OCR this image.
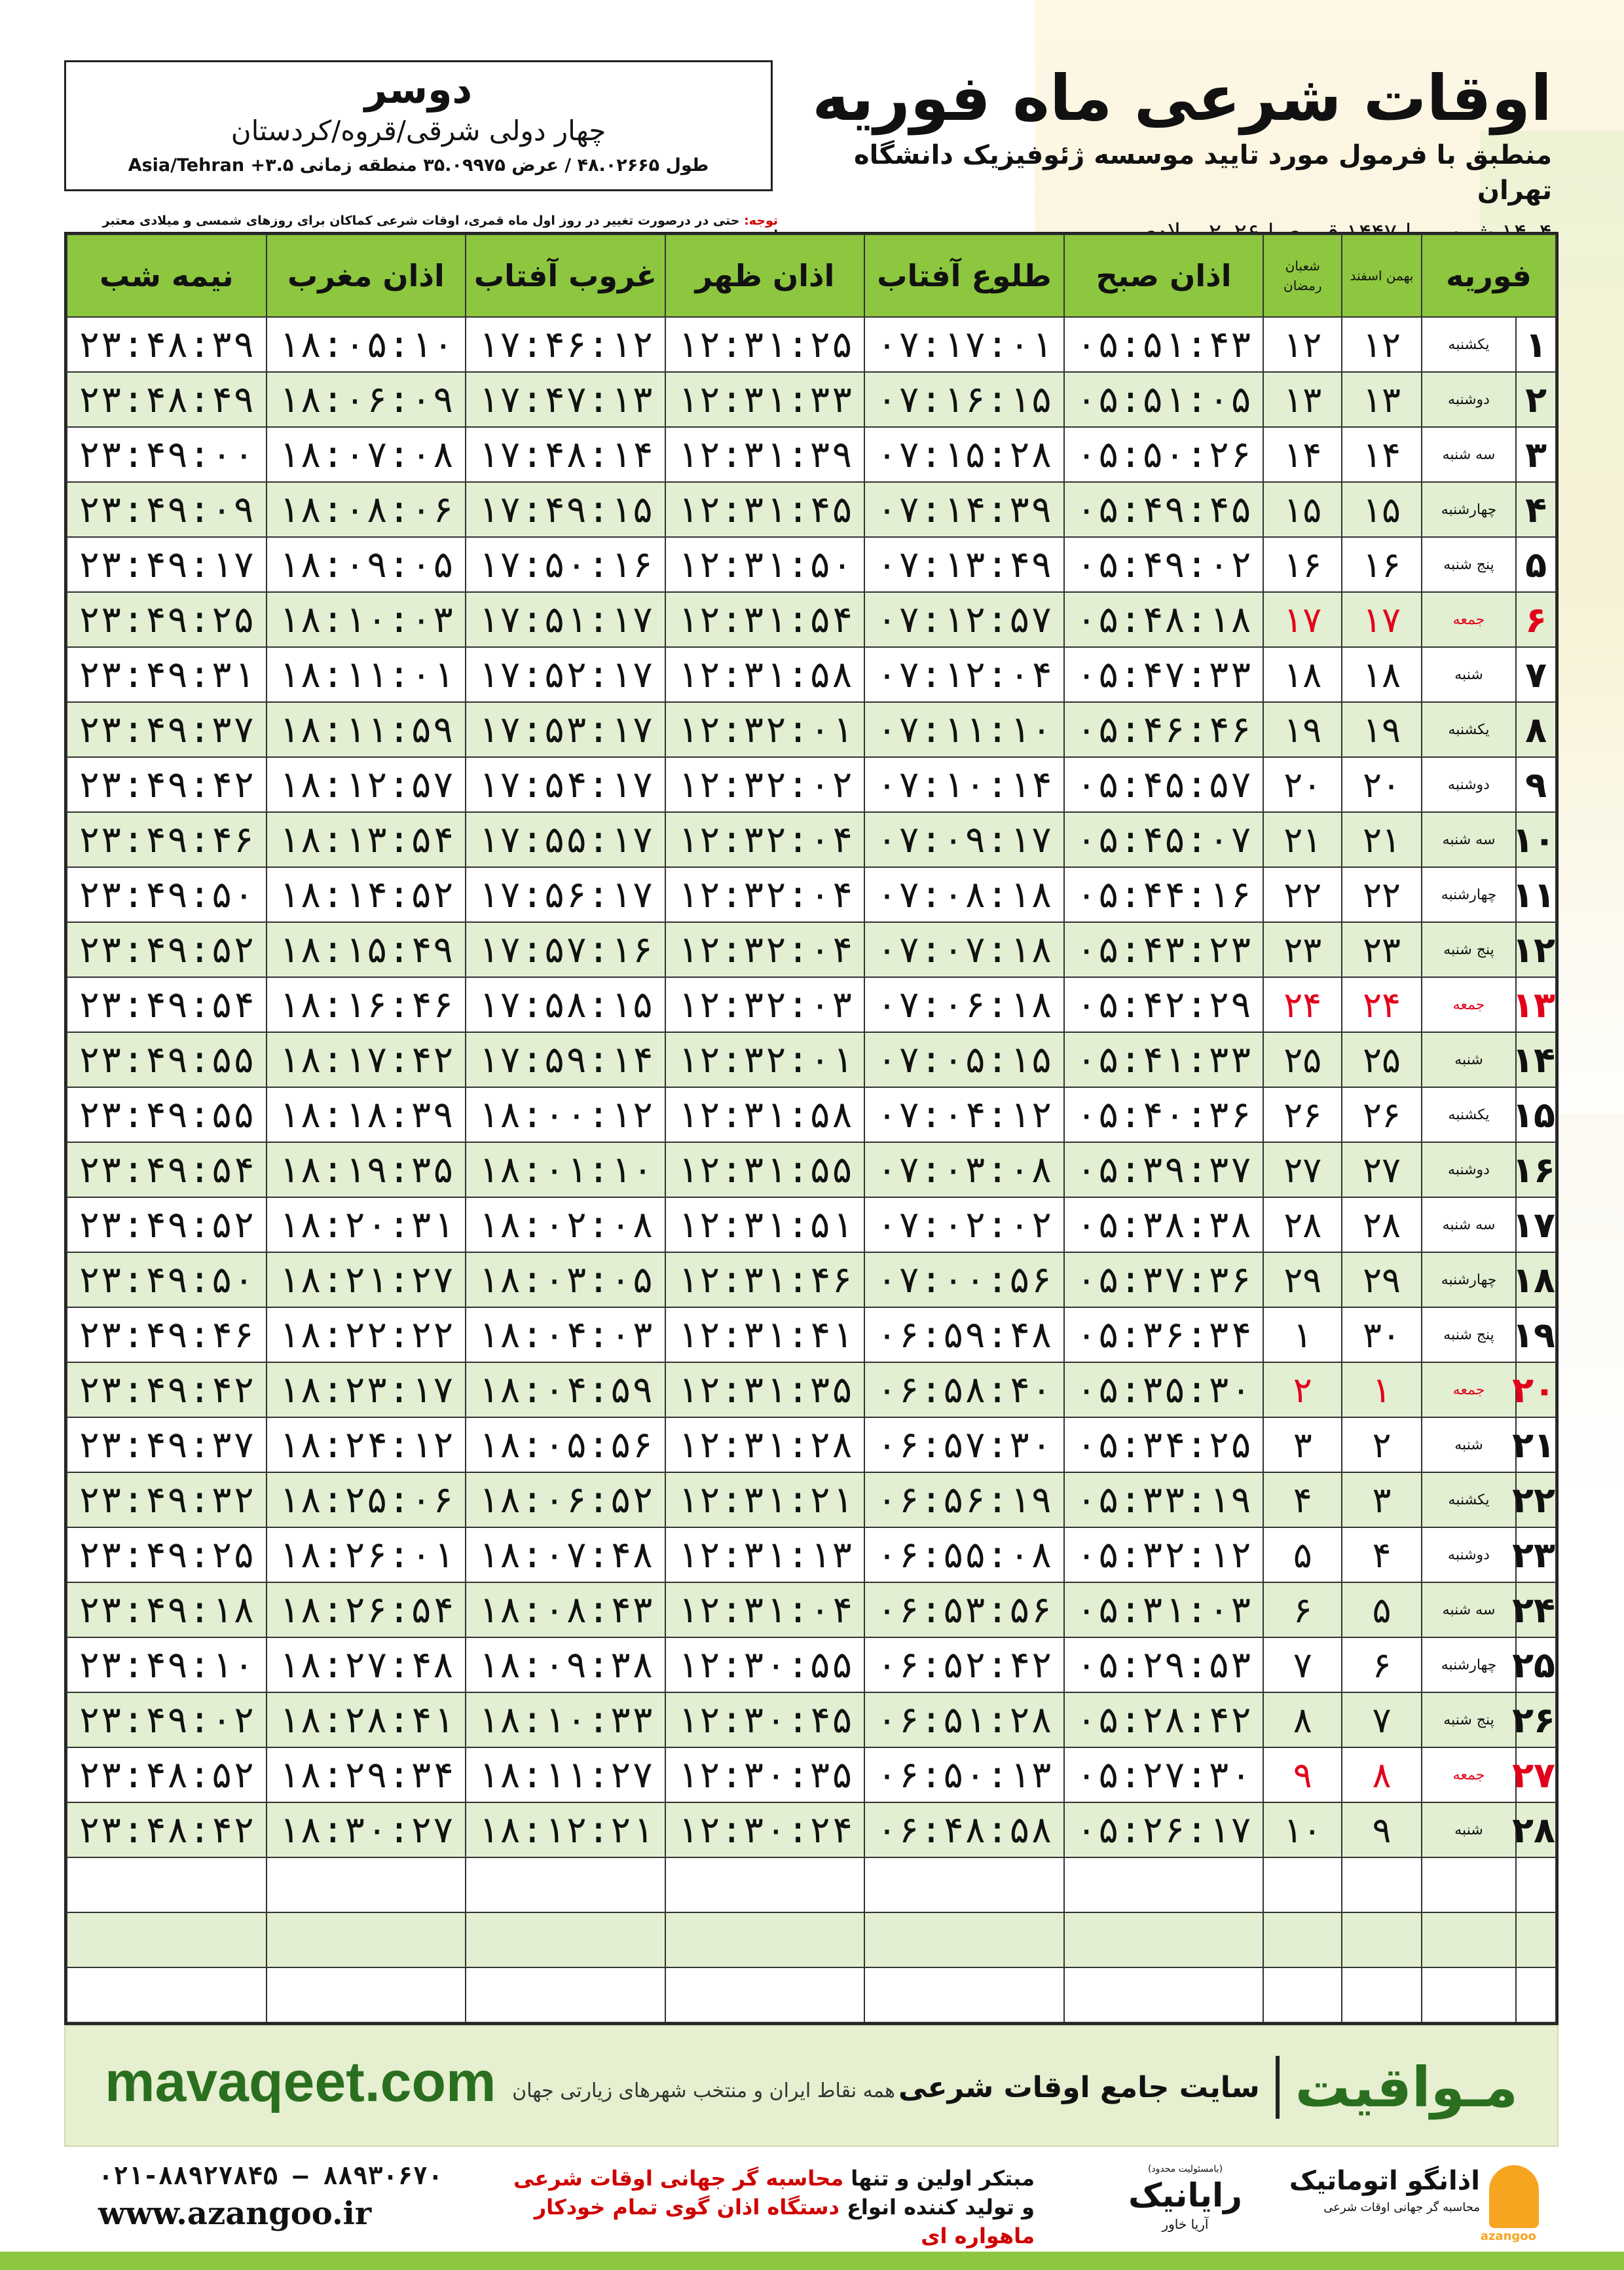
دوسر
چهار دولی شرقی/قروه/کردستان
طول ۴۸.۰۲۶۶۵ / عرض ۳۵.۰۹۹۷۵ منطقه زمانی ۳.۵+ Asia/Tehran
اوقات شرعی ماه فوریه
منطبق با فرمول مورد تایید موسسه ژئوفیزیک دانشگاه تهران
توجه: حتی در درصورت تغییر در روز اول ماه قمری، اوقات شرعی کماکان برای روزهای شمسی و میلادی معتبر
فوریه		بهمن اسفند	شعبان رمضان	اذان صبح	طلوع آفتاب	اذان ظهر	غروب آفتاب	اذان مغرب	نیمه شب
۱	یکشنبه	۱۲	۱۲	۰۵:۵۱:۴۳	۰۷:۱۷:۰۱	۱۲:۳۱:۲۵	۱۷:۴۶:۱۲	۱۸:۰۵:۱۰	۲۳:۴۸:۳۹
۲	دوشنبه	۱۳	۱۳	۰۵:۵۱:۰۵	۰۷:۱۶:۱۵	۱۲:۳۱:۳۳	۱۷:۴۷:۱۳	۱۸:۰۶:۰۹	۲۳:۴۸:۴۹
۳	سه شنبه	۱۴	۱۴	۰۵:۵۰:۲۶	۰۷:۱۵:۲۸	۱۲:۳۱:۳۹	۱۷:۴۸:۱۴	۱۸:۰۷:۰۸	۲۳:۴۹:۰۰
۴	چهارشنبه	۱۵	۱۵	۰۵:۴۹:۴۵	۰۷:۱۴:۳۹	۱۲:۳۱:۴۵	۱۷:۴۹:۱۵	۱۸:۰۸:۰۶	۲۳:۴۹:۰۹
۵	پنج شنبه	۱۶	۱۶	۰۵:۴۹:۰۲	۰۷:۱۳:۴۹	۱۲:۳۱:۵۰	۱۷:۵۰:۱۶	۱۸:۰۹:۰۵	۲۳:۴۹:۱۷
۶	جمعه	۱۷	۱۷	۰۵:۴۸:۱۸	۰۷:۱۲:۵۷	۱۲:۳۱:۵۴	۱۷:۵۱:۱۷	۱۸:۱۰:۰۳	۲۳:۴۹:۲۵
۷	شنبه	۱۸	۱۸	۰۵:۴۷:۳۳	۰۷:۱۲:۰۴	۱۲:۳۱:۵۸	۱۷:۵۲:۱۷	۱۸:۱۱:۰۱	۲۳:۴۹:۳۱
۸	یکشنبه	۱۹	۱۹	۰۵:۴۶:۴۶	۰۷:۱۱:۱۰	۱۲:۳۲:۰۱	۱۷:۵۳:۱۷	۱۸:۱۱:۵۹	۲۳:۴۹:۳۷
۹	دوشنبه	۲۰	۲۰	۰۵:۴۵:۵۷	۰۷:۱۰:۱۴	۱۲:۳۲:۰۲	۱۷:۵۴:۱۷	۱۸:۱۲:۵۷	۲۳:۴۹:۴۲
۱۰	سه شنبه	۲۱	۲۱	۰۵:۴۵:۰۷	۰۷:۰۹:۱۷	۱۲:۳۲:۰۴	۱۷:۵۵:۱۷	۱۸:۱۳:۵۴	۲۳:۴۹:۴۶
۱۱	چهارشنبه	۲۲	۲۲	۰۵:۴۴:۱۶	۰۷:۰۸:۱۸	۱۲:۳۲:۰۴	۱۷:۵۶:۱۷	۱۸:۱۴:۵۲	۲۳:۴۹:۵۰
۱۲	پنج شنبه	۲۳	۲۳	۰۵:۴۳:۲۳	۰۷:۰۷:۱۸	۱۲:۳۲:۰۴	۱۷:۵۷:۱۶	۱۸:۱۵:۴۹	۲۳:۴۹:۵۲
۱۳	جمعه	۲۴	۲۴	۰۵:۴۲:۲۹	۰۷:۰۶:۱۸	۱۲:۳۲:۰۳	۱۷:۵۸:۱۵	۱۸:۱۶:۴۶	۲۳:۴۹:۵۴
۱۴	شنبه	۲۵	۲۵	۰۵:۴۱:۳۳	۰۷:۰۵:۱۵	۱۲:۳۲:۰۱	۱۷:۵۹:۱۴	۱۸:۱۷:۴۲	۲۳:۴۹:۵۵
۱۵	یکشنبه	۲۶	۲۶	۰۵:۴۰:۳۶	۰۷:۰۴:۱۲	۱۲:۳۱:۵۸	۱۸:۰۰:۱۲	۱۸:۱۸:۳۹	۲۳:۴۹:۵۵
۱۶	دوشنبه	۲۷	۲۷	۰۵:۳۹:۳۷	۰۷:۰۳:۰۸	۱۲:۳۱:۵۵	۱۸:۰۱:۱۰	۱۸:۱۹:۳۵	۲۳:۴۹:۵۴
۱۷	سه شنبه	۲۸	۲۸	۰۵:۳۸:۳۸	۰۷:۰۲:۰۲	۱۲:۳۱:۵۱	۱۸:۰۲:۰۸	۱۸:۲۰:۳۱	۲۳:۴۹:۵۲
۱۸	چهارشنبه	۲۹	۲۹	۰۵:۳۷:۳۶	۰۷:۰۰:۵۶	۱۲:۳۱:۴۶	۱۸:۰۳:۰۵	۱۸:۲۱:۲۷	۲۳:۴۹:۵۰
۱۹	پنج شنبه	۳۰	۱	۰۵:۳۶:۳۴	۰۶:۵۹:۴۸	۱۲:۳۱:۴۱	۱۸:۰۴:۰۳	۱۸:۲۲:۲۲	۲۳:۴۹:۴۶
۲۰	جمعه	۱	۲	۰۵:۳۵:۳۰	۰۶:۵۸:۴۰	۱۲:۳۱:۳۵	۱۸:۰۴:۵۹	۱۸:۲۳:۱۷	۲۳:۴۹:۴۲
۲۱	شنبه	۲	۳	۰۵:۳۴:۲۵	۰۶:۵۷:۳۰	۱۲:۳۱:۲۸	۱۸:۰۵:۵۶	۱۸:۲۴:۱۲	۲۳:۴۹:۳۷
۲۲	یکشنبه	۳	۴	۰۵:۳۳:۱۹	۰۶:۵۶:۱۹	۱۲:۳۱:۲۱	۱۸:۰۶:۵۲	۱۸:۲۵:۰۶	۲۳:۴۹:۳۲
۲۳	دوشنبه	۴	۵	۰۵:۳۲:۱۲	۰۶:۵۵:۰۸	۱۲:۳۱:۱۳	۱۸:۰۷:۴۸	۱۸:۲۶:۰۱	۲۳:۴۹:۲۵
۲۴	سه شنبه	۵	۶	۰۵:۳۱:۰۳	۰۶:۵۳:۵۶	۱۲:۳۱:۰۴	۱۸:۰۸:۴۳	۱۸:۲۶:۵۴	۲۳:۴۹:۱۸
۲۵	چهارشنبه	۶	۷	۰۵:۲۹:۵۳	۰۶:۵۲:۴۲	۱۲:۳۰:۵۵	۱۸:۰۹:۳۸	۱۸:۲۷:۴۸	۲۳:۴۹:۱۰
۲۶	پنج شنبه	۷	۸	۰۵:۲۸:۴۲	۰۶:۵۱:۲۸	۱۲:۳۰:۴۵	۱۸:۱۰:۳۳	۱۸:۲۸:۴۱	۲۳:۴۹:۰۲
۲۷	جمعه	۸	۹	۰۵:۲۷:۳۰	۰۶:۵۰:۱۳	۱۲:۳۰:۳۵	۱۸:۱۱:۲۷	۱۸:۲۹:۳۴	۲۳:۴۸:۵۲
۲۸	شنبه	۹	۱۰	۰۵:۲۶:۱۷	۰۶:۴۸:۵۸	۱۲:۳۰:۲۴	۱۸:۱۲:۲۱	۱۸:۳۰:۲۷	۲۳:۴۸:۴۲

mavaqeet.com	مـواقیت
سایت جامع اوقات شرعی همه نقاط ایران و منتخب شهرهای زیارتی جهان
۰۲۱-۸۸۹۲۷۸۴۵ – ۸۸۹۳۰۶۷۰
www.azangoo.ir
مبتکر اولین و تنها محاسبه گر جهانی اوقات شرعی
و تولید کننده انواع دستگاه اذان گوی تمام خودکار ماهواره ای
(بامسئولیت محدود)
رایانیک
آریا خاور
azangoo
اذانگو اتوماتیک
محاسبه گر جهانی اوقات شرعی
